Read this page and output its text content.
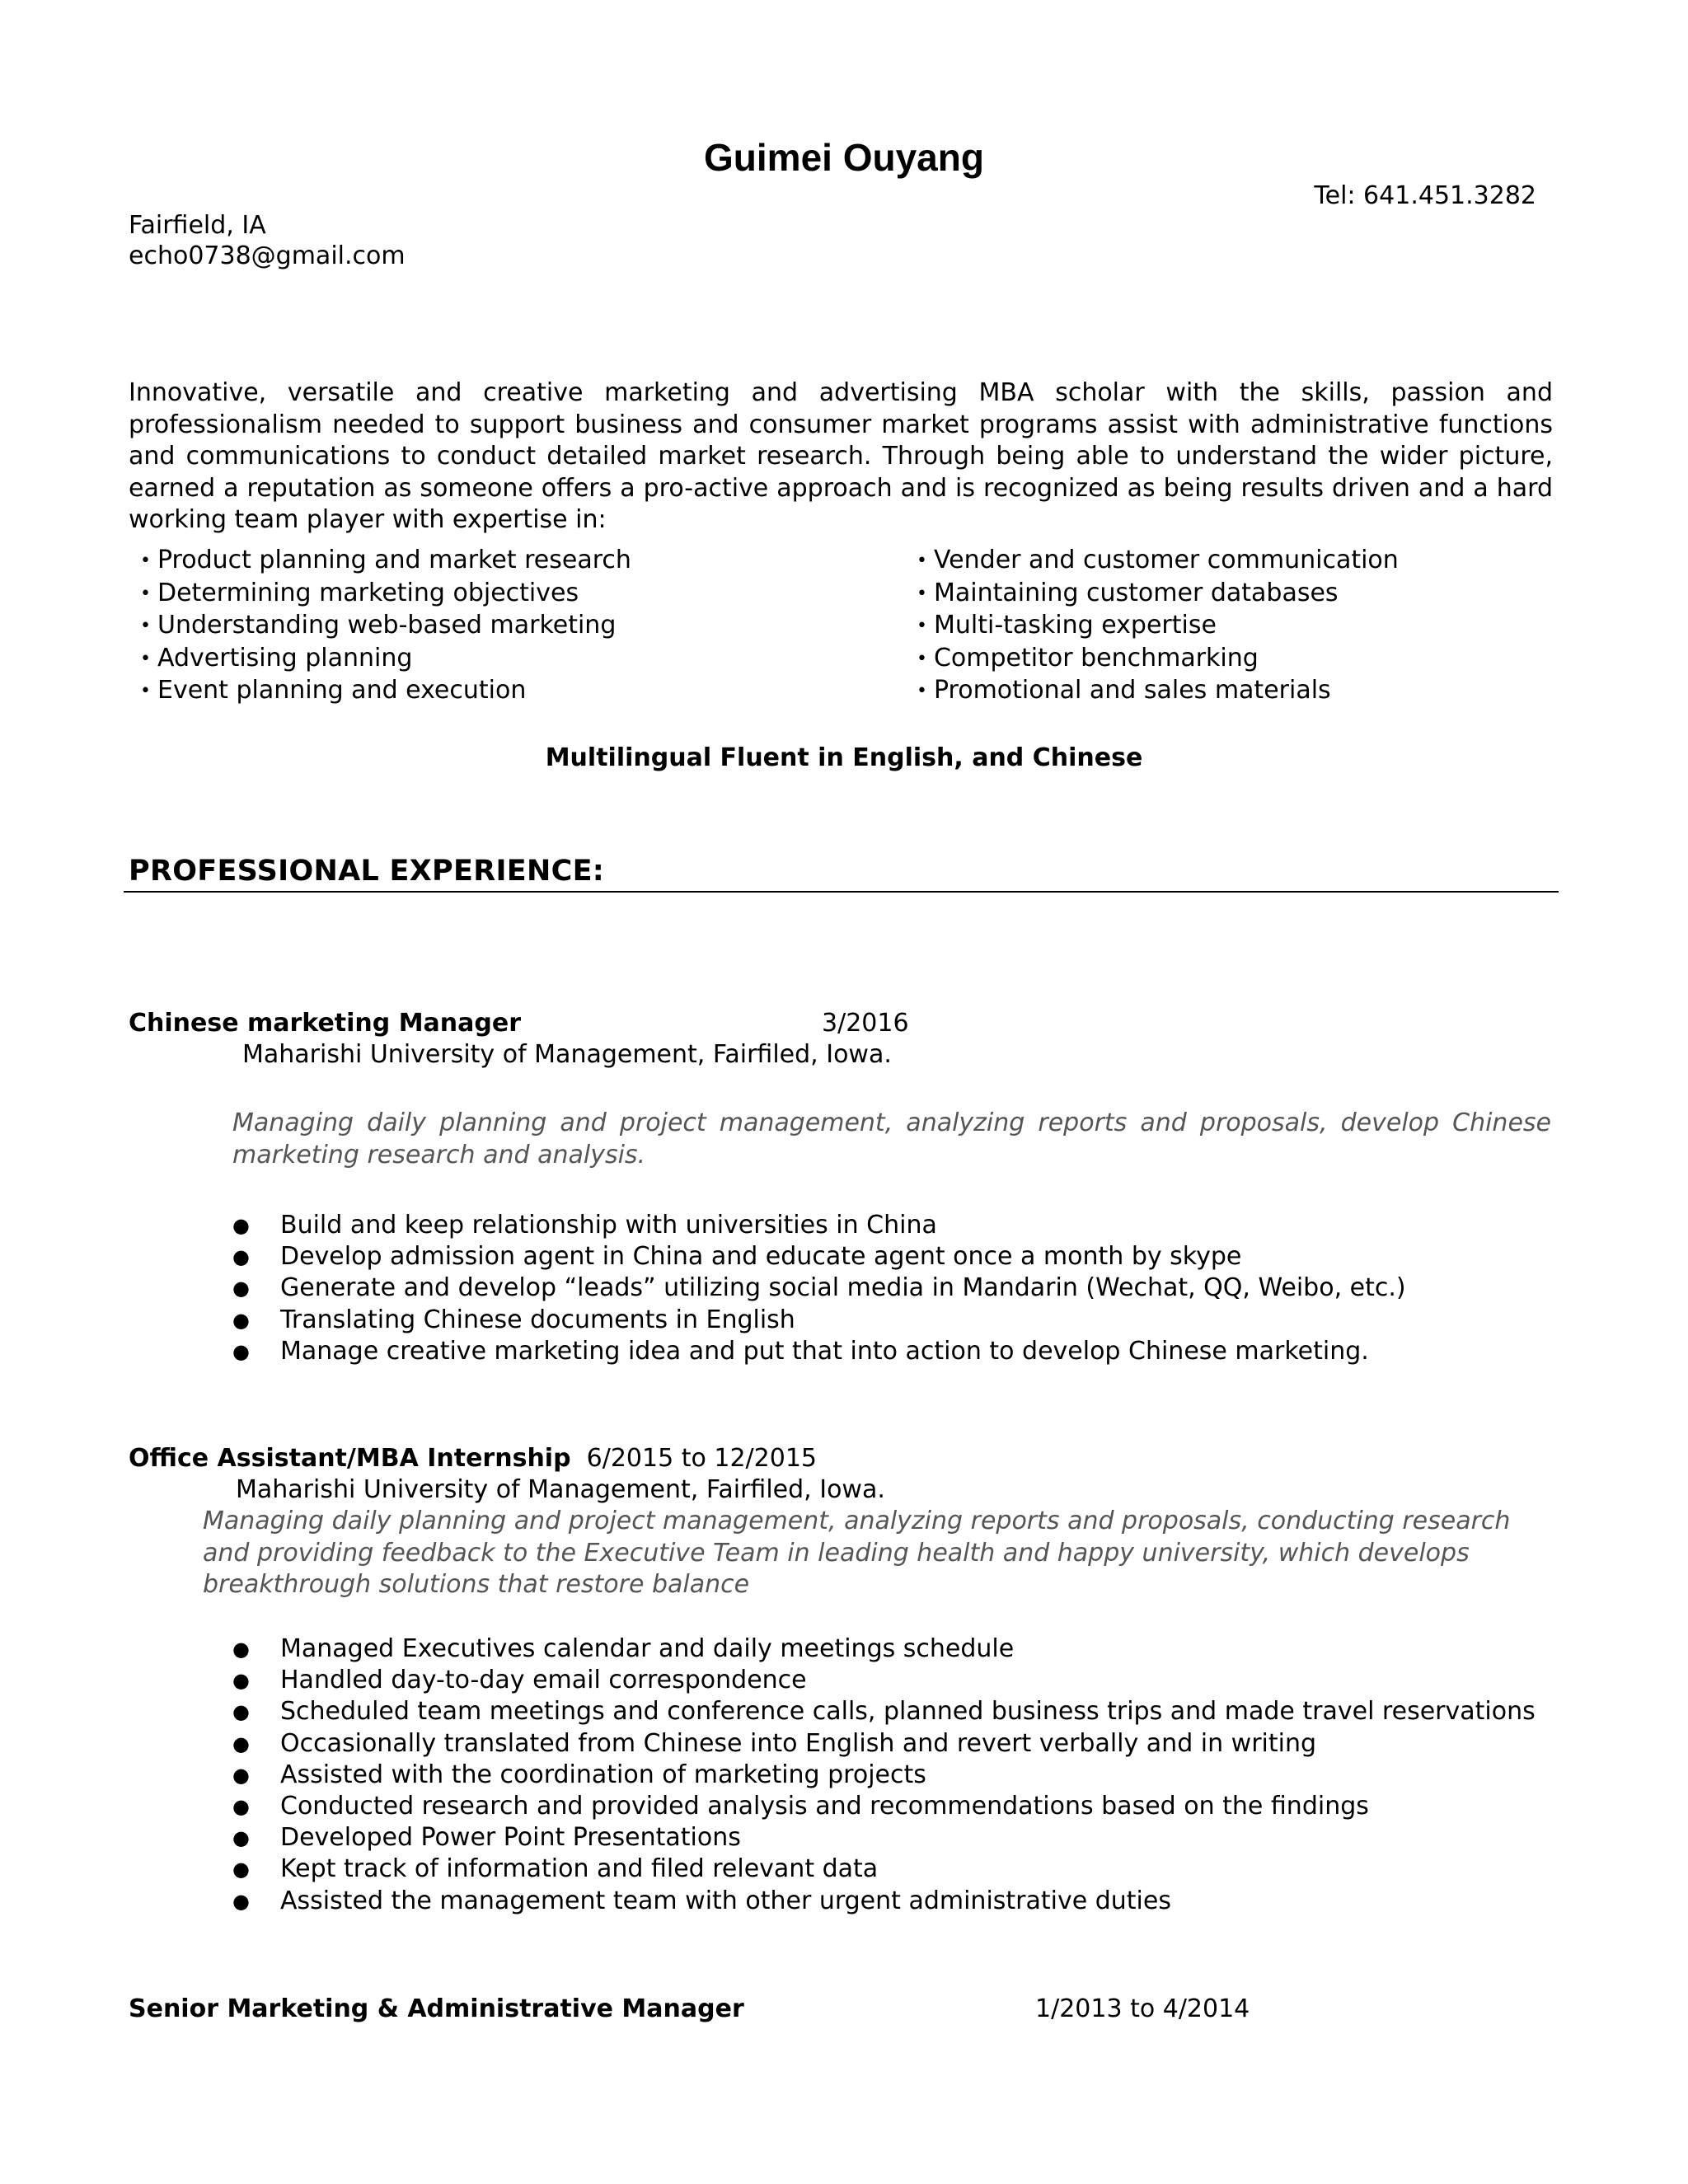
Guimei Ouyang
Tel: 641.451.3282
Fairfield, IA
echo0738@gmail.com
Innovative, versatile and creative marketing and advertising MBA scholar with the skills, passion and professionalism needed to support business and consumer market programs assist with administrative functions and communications to conduct detailed market research. Through being able to understand the wider picture, earned a reputation as someone offers a pro-active approach and is recognized as being results driven and a hard working team player with expertise in:
• Product planning and market research
• Determining marketing objectives
• Understanding web-based marketing
• Advertising planning
• Event planning and execution
• Vender and customer communication
• Maintaining customer databases
• Multi-tasking expertise
• Competitor benchmarking
• Promotional and sales materials
Multilingual Fluent in English, and Chinese
PROFESSIONAL EXPERIENCE:
Chinese marketing Manager	3/2016
Maharishi University of Management, Fairfiled, Iowa.
Managing daily planning and project management, analyzing reports and proposals, develop Chinese marketing research and analysis.
● Build and keep relationship with universities in China
● Develop admission agent in China and educate agent once a month by skype
● Generate and develop “leads” utilizing social media in Mandarin (Wechat, QQ, Weibo, etc.)
● Translating Chinese documents in English
● Manage creative marketing idea and put that into action to develop Chinese marketing.
Office Assistant/MBA Internship 6/2015 to 12/2015
Maharishi University of Management, Fairfiled, Iowa.
Managing daily planning and project management, analyzing reports and proposals, conducting research and providing feedback to the Executive Team in leading health and happy university, which develops breakthrough solutions that restore balance
● Managed Executives calendar and daily meetings schedule
● Handled day-to-day email correspondence
● Scheduled team meetings and conference calls, planned business trips and made travel reservations
● Occasionally translated from Chinese into English and revert verbally and in writing
● Assisted with the coordination of marketing projects
● Conducted research and provided analysis and recommendations based on the findings
● Developed Power Point Presentations
● Kept track of information and filed relevant data
● Assisted the management team with other urgent administrative duties
Senior Marketing & Administrative Manager	1/2013 to 4/2014
